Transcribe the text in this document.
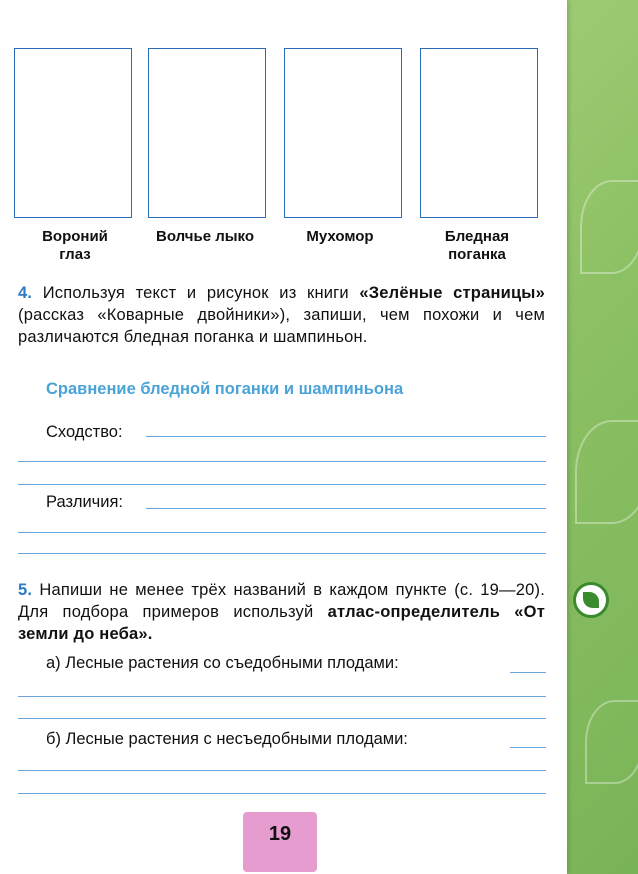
Вороний
глаз
Волчье лыко	Мухомор	Бледная
поганка
4. Используя текст и рисунок из книги «Зелёные страницы» (рассказ «Коварные двойники»), запиши, чем похожи и чем различаются бледная поганка и шампиньон.
Сравнение бледной поганки и шампиньона
Сходство:
Различия:
5. Напиши не менее трёх названий в каждом пункте (с. 19—20). Для подбора примеров используй атлас-определитель «От земли до неба».
а) Лесные растения со съедобными плодами:
б) Лесные растения с несъедобными плодами:
19
